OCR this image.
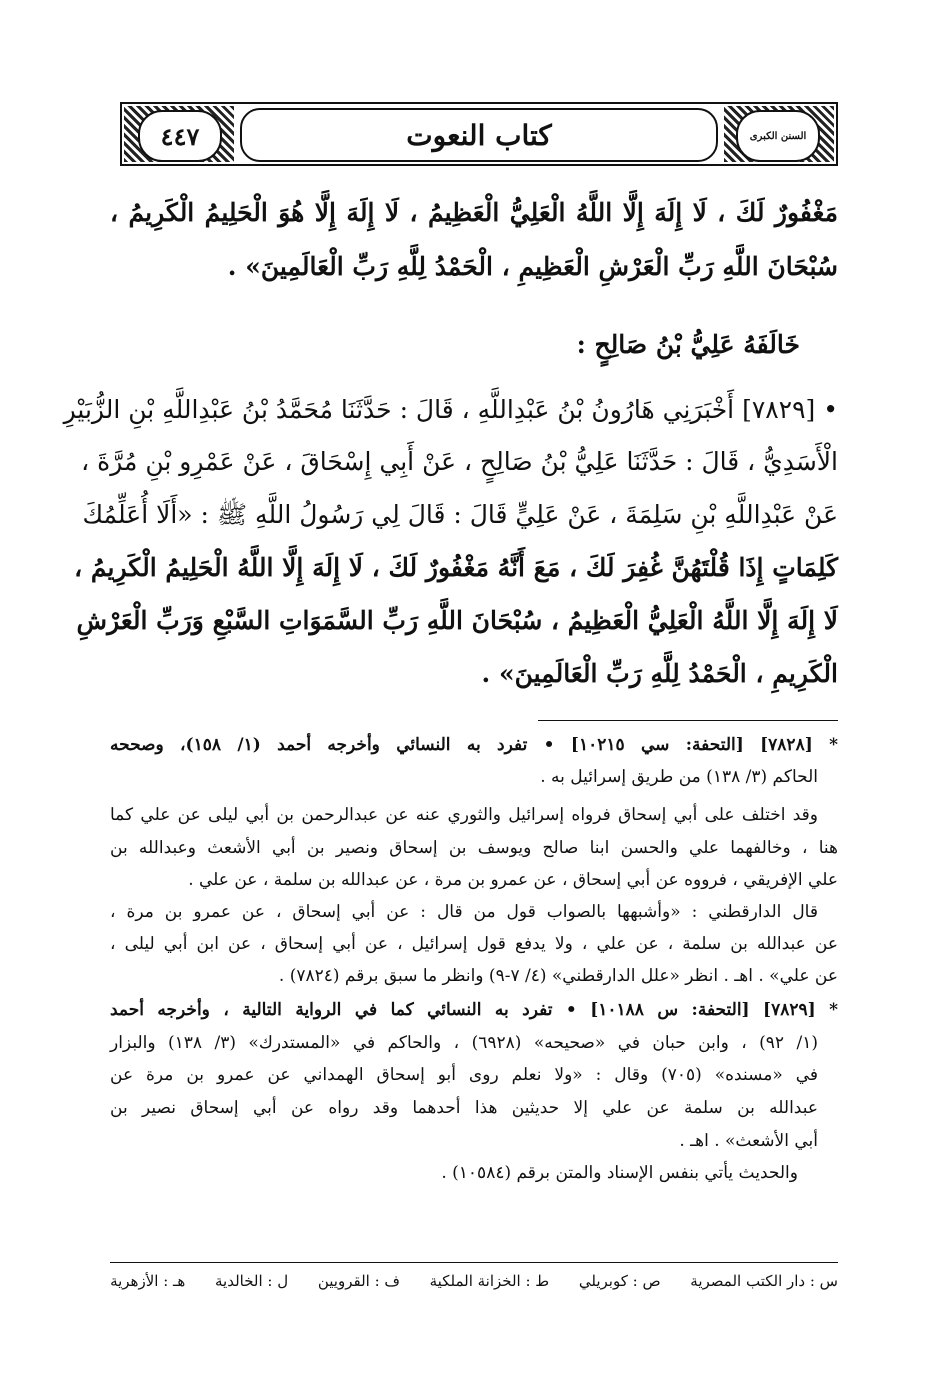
٤٤٧	السنن الكبرى
كتاب النعوت
مَغْفُورٌ لَكَ ، لَا إِلَهَ إِلَّا اللَّهُ الْعَلِيُّ الْعَظِيمُ ، لَا إِلَهَ إِلَّا هُوَ الْحَلِيمُ الْكَرِيمُ ،
سُبْحَانَ اللَّهِ رَبِّ الْعَرْشِ الْعَظِيمِ ، الْحَمْدُ لِلَّهِ رَبِّ الْعَالَمِينَ» .
خَالَفَهُ عَلِيُّ بْنُ صَالِحٍ :
• [٧٨٢٩] أَخْبَرَنِي هَارُونُ بْنُ عَبْدِاللَّهِ ، قَالَ : حَدَّثَنَا مُحَمَّدُ بْنُ عَبْدِاللَّهِ بْنِ الزُّبَيْرِ
الْأَسَدِيُّ ، قَالَ : حَدَّثَنَا عَلِيُّ بْنُ صَالِحٍ ، عَنْ أَبِي إِسْحَاقَ ، عَنْ عَمْرِو بْنِ مُرَّةَ ،
عَنْ عَبْدِاللَّهِ بْنِ سَلِمَةَ ، عَنْ عَلِيٍّ قَالَ : قَالَ لِي رَسُولُ اللَّهِ ﷺ : «أَلَا أُعَلِّمُكَ
كَلِمَاتٍ إِذَا قُلْتَهُنَّ غُفِرَ لَكَ ، مَعَ أَنَّهُ مَغْفُورٌ لَكَ ، لَا إِلَهَ إِلَّا اللَّهُ الْحَلِيمُ الْكَرِيمُ ،
لَا إِلَهَ إِلَّا اللَّهُ الْعَلِيُّ الْعَظِيمُ ، سُبْحَانَ اللَّهِ رَبِّ السَّمَوَاتِ السَّبْعِ وَرَبِّ الْعَرْشِ
الْكَرِيمِ ، الْحَمْدُ لِلَّهِ رَبِّ الْعَالَمِينَ» .
* [٧٨٢٨] [التحفة: سي ١٠٢١٥] • تفرد به النسائي وأخرجه أحمد (١/ ١٥٨)، وصححه
الحاكم (٣/ ١٣٨) من طريق إسرائيل به .
وقد اختلف على أبي إسحاق فرواه إسرائيل والثوري عنه عن عبدالرحمن بن أبي ليلى عن علي كما
هنا ، وخالفهما علي والحسن ابنا صالح ويوسف بن إسحاق ونصير بن أبي الأشعث وعبدالله بن
علي الإفريقي ، فرووه عن أبي إسحاق ، عن عمرو بن مرة ، عن عبدالله بن سلمة ، عن علي .
قال الدارقطني : «وأشبهها بالصواب قول من قال : عن أبي إسحاق ، عن عمرو بن مرة ،
عن عبدالله بن سلمة ، عن علي ، ولا يدفع قول إسرائيل ، عن أبي إسحاق ، عن ابن أبي ليلى ،
عن علي» . اهـ . انظر «علل الدارقطني» (٤/ ٧-٩) وانظر ما سبق برقم (٧٨٢٤) .
* [٧٨٢٩] [التحفة: س ١٠١٨٨] • تفرد به النسائي كما في الرواية التالية ، وأخرجه أحمد
(١/ ٩٢) ، وابن حبان في «صحيحه» (٦٩٢٨) ، والحاكم في «المستدرك» (٣/ ١٣٨) والبزار
في «مسنده» (٧٠٥) وقال : «ولا نعلم روى أبو إسحاق الهمداني عن عمرو بن مرة عن
عبدالله بن سلمة عن علي إلا حديثين هذا أحدهما وقد رواه عن أبي إسحاق نصير بن
أبي الأشعث» . اهـ .
والحديث يأتي بنفس الإسناد والمتن برقم (١٠٥٨٤) .
س : دار الكتب المصرية
ص : كوبريلي
ط : الخزانة الملكية
ف : القرويين
ل : الخالدية
هـ : الأزهرية
